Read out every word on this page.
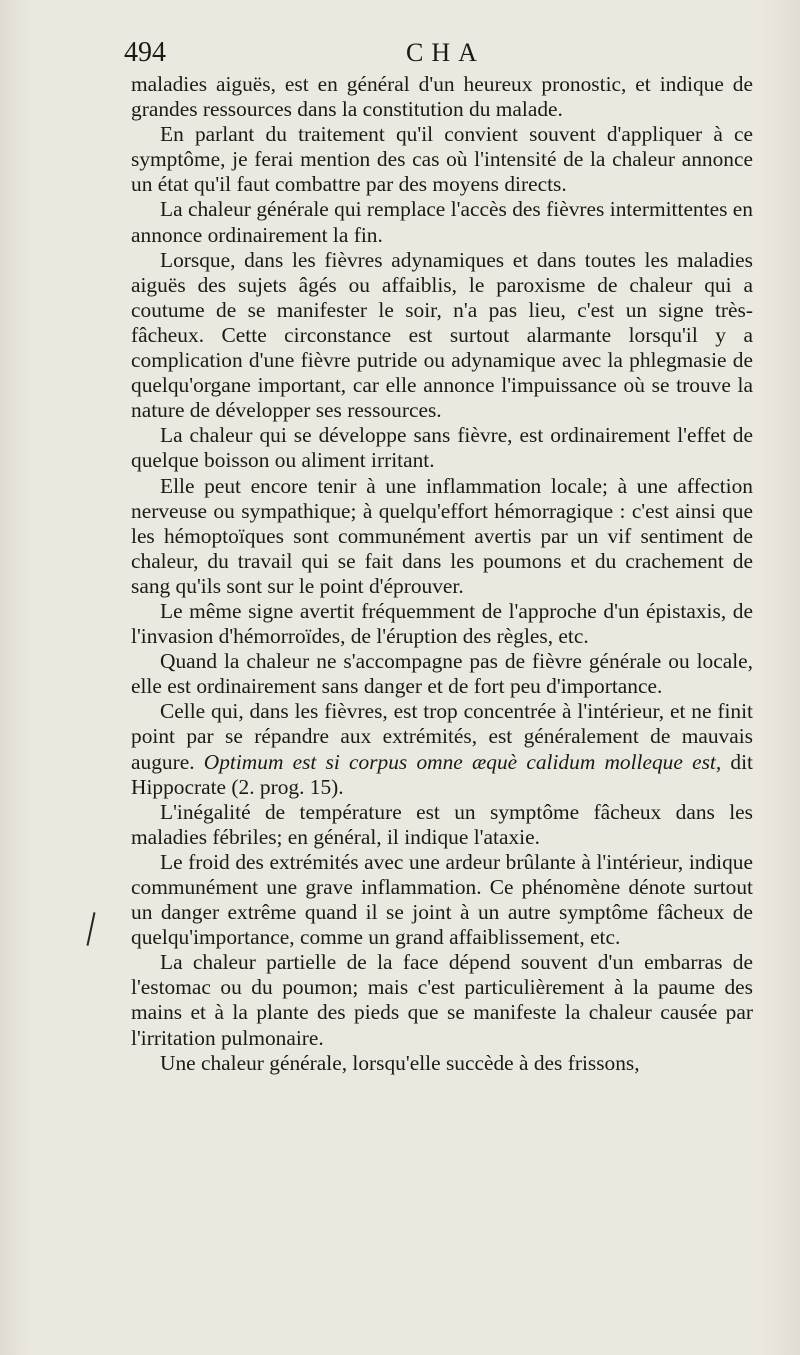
494	CHA

maladies aiguës, est en général d'un heureux pronostic, et indique de grandes ressources dans la constitution du malade.

En parlant du traitement qu'il convient souvent d'appliquer à ce symptôme, je ferai mention des cas où l'intensité de la chaleur annonce un état qu'il faut combattre par des moyens directs.

La chaleur générale qui remplace l'accès des fièvres intermittentes en annonce ordinairement la fin.

Lorsque, dans les fièvres adynamiques et dans toutes les maladies aiguës des sujets âgés ou affaiblis, le paroxisme de chaleur qui a coutume de se manifester le soir, n'a pas lieu, c'est un signe très-fâcheux. Cette circonstance est surtout alarmante lorsqu'il y a complication d'une fièvre putride ou adynamique avec la phlegmasie de quelqu'organe important, car elle annonce l'impuissance où se trouve la nature de développer ses ressources.

La chaleur qui se développe sans fièvre, est ordinairement l'effet de quelque boisson ou aliment irritant.

Elle peut encore tenir à une inflammation locale; à une affection nerveuse ou sympathique; à quelqu'effort hémorragique : c'est ainsi que les hémoptoïques sont communément avertis par un vif sentiment de chaleur, du travail qui se fait dans les poumons et du crachement de sang qu'ils sont sur le point d'éprouver.

Le même signe avertit fréquemment de l'approche d'un épistaxis, de l'invasion d'hémorroïdes, de l'éruption des règles, etc.

Quand la chaleur ne s'accompagne pas de fièvre générale ou locale, elle est ordinairement sans danger et de fort peu d'importance.

Celle qui, dans les fièvres, est trop concentrée à l'intérieur, et ne finit point par se répandre aux extrémités, est généralement de mauvais augure. Optimum est si corpus omne æquè calidum molleque est, dit Hippocrate (2. prog. 15).

L'inégalité de température est un symptôme fâcheux dans les maladies fébriles; en général, il indique l'ataxie.

Le froid des extrémités avec une ardeur brûlante à l'intérieur, indique communément une grave inflammation. Ce phénomène dénote surtout un danger extrême quand il se joint à un autre symptôme fâcheux de quelqu'importance, comme un grand affaiblissement, etc.

La chaleur partielle de la face dépend souvent d'un embarras de l'estomac ou du poumon; mais c'est particulièrement à la paume des mains et à la plante des pieds que se manifeste la chaleur causée par l'irritation pulmonaire.

Une chaleur générale, lorsqu'elle succède à des frissons,
